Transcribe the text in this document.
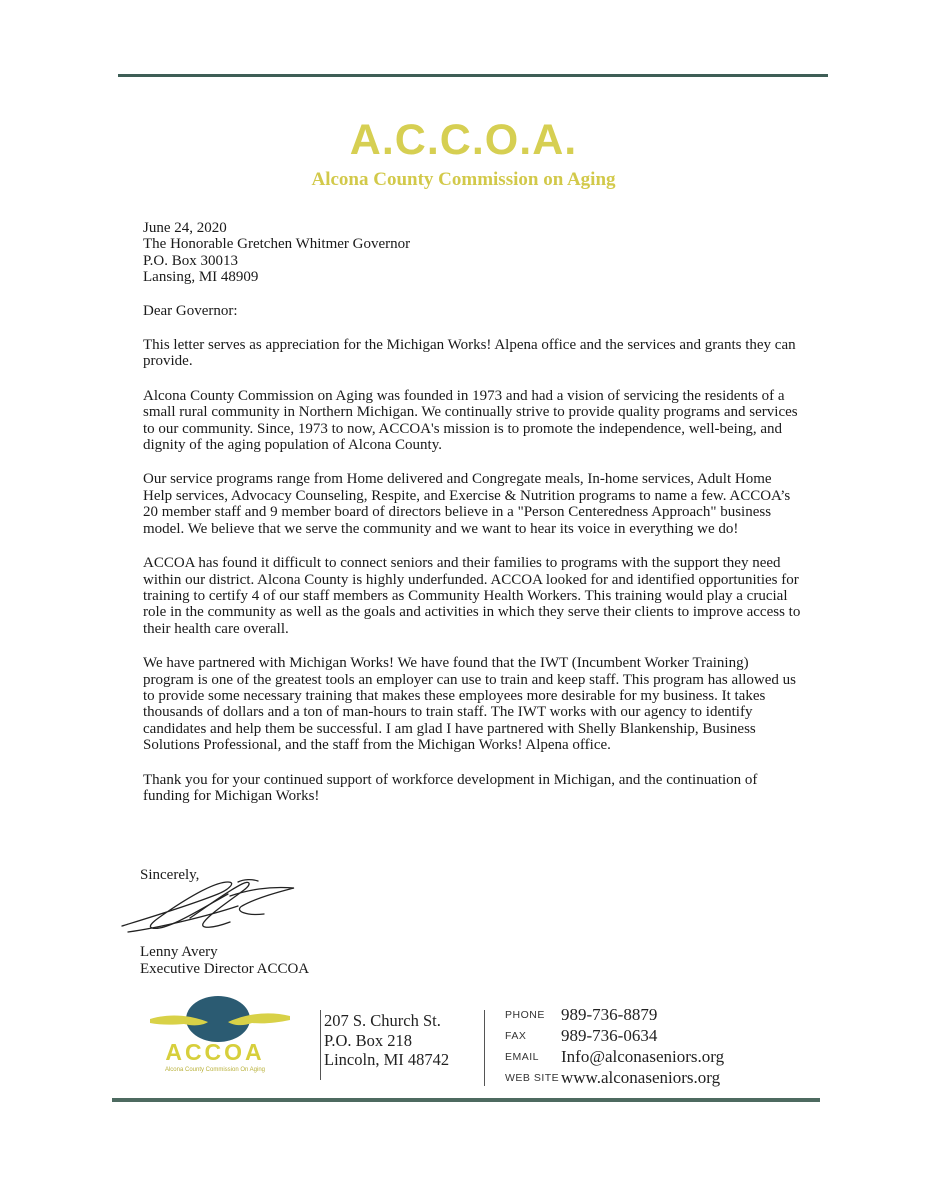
A.C.C.O.A.
Alcona County Commission on Aging

June 24, 2020

The Honorable Gretchen Whitmer Governor
P.O. Box 30013
Lansing, MI 48909

Dear Governor:

This letter serves as appreciation for the Michigan Works! Alpena office and the services and grants they can provide.

Alcona County Commission on Aging was founded in 1973 and had a vision of servicing the residents of a small rural community in Northern Michigan. We continually strive to provide quality programs and services to our community. Since, 1973 to now, ACCOA's mission is to promote the independence, well-being, and dignity of the aging population of Alcona County.

Our service programs range from Home delivered and Congregate meals, In-home services, Adult Home Help services, Advocacy Counseling, Respite, and Exercise & Nutrition programs to name a few. ACCOA’s 20 member staff and 9 member board of directors believe in a "Person Centeredness Approach" business model. We believe that we serve the community and we want to hear its voice in everything we do!

ACCOA has found it difficult to connect seniors and their families to programs with the support they need within our district. Alcona County is highly underfunded. ACCOA looked for and identified opportunities for training to certify 4 of our staff members as Community Health Workers. This training would play a crucial role in the community as well as the goals and activities in which they serve their clients to improve access to their health care overall.

We have partnered with Michigan Works! We have found that the IWT (Incumbent Worker Training) program is one of the greatest tools an employer can use to train and keep staff. This program has allowed us to provide some necessary training that makes these employees more desirable for my business. It takes thousands of dollars and a ton of man-hours to train staff. The IWT works with our agency to identify candidates and help them be successful. I am glad I have partnered with Shelly Blankenship, Business Solutions Professional, and the staff from the Michigan Works! Alpena office.

Thank you for your continued support of workforce development in Michigan, and the continuation of funding for Michigan Works!

Sincerely,
Lenny Avery
Executive Director ACCOA
ACCOA
Alcona County Commission On Aging
207 S. Church St.
P.O. Box 218
Lincoln, MI 48742
PHONE 989-736-8879
FAX 989-736-0634
EMAIL Info@alconaseniors.org
WEB SITE www.alconaseniors.org
